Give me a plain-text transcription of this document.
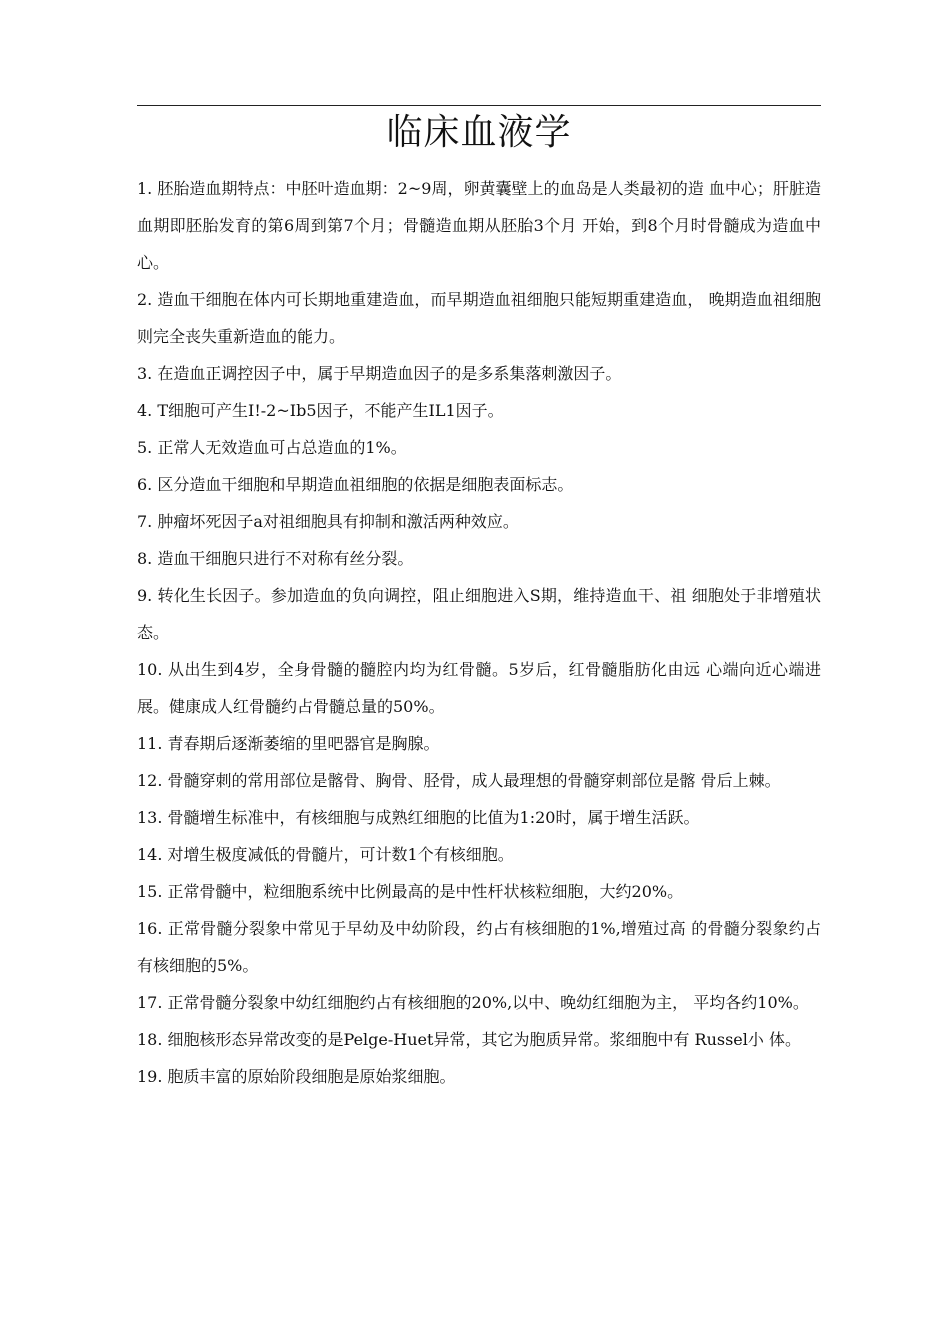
临床血液学

1. 胚胎造血期特点：中胚叶造血期：2~9周，卵黄囊壁上的血岛是人类最初的造 血中心；肝脏造血期即胚胎发育的第6周到第7个月；骨髓造血期从胚胎3个月 开始，到8个月时骨髓成为造血中心。

2. 造血干细胞在体内可长期地重建造血，而早期造血祖细胞只能短期重建造血， 晚期造血祖细胞则完全丧失重新造血的能力。

3. 在造血正调控因子中，属于早期造血因子的是多系集落刺激因子。

4. T细胞可产生I!-2~Ib5因子，不能产生IL1因子。

5. 正常人无效造血可占总造血的1%。

6. 区分造血干细胞和早期造血祖细胞的依据是细胞表面标志。

7. 肿瘤坏死因子a对祖细胞具有抑制和激活两种效应。

8. 造血干细胞只进行不对称有丝分裂。

9. 转化生长因子。参加造血的负向调控，阻止细胞进入S期，维持造血干、祖 细胞处于非增殖状态。

10. 从出生到4岁，全身骨髓的髓腔内均为红骨髓。5岁后，红骨髓脂肪化由远 心端向近心端进展。健康成人红骨髓约占骨髓总量的50%。

11. 青春期后逐渐萎缩的里吧器官是胸腺。

12. 骨髓穿刺的常用部位是髂骨、胸骨、胫骨，成人最理想的骨髓穿刺部位是髂 骨后上棘。

13. 骨髓增生标准中，有核细胞与成熟红细胞的比值为1:20时，属于增生活跃。

14. 对增生极度减低的骨髓片，可计数1个有核细胞。

15. 正常骨髓中，粒细胞系统中比例最高的是中性杆状核粒细胞，大约20%。

16. 正常骨髓分裂象中常见于早幼及中幼阶段，约占有核细胞的1%,增殖过高 的骨髓分裂象约占有核细胞的5%。

17. 正常骨髓分裂象中幼红细胞约占有核细胞的20%,以中、晚幼红细胞为主， 平均各约10%。

18. 细胞核形态异常改变的是Pelge-Huet异常，其它为胞质异常。浆细胞中有 Russel小 体。

19. 胞质丰富的原始阶段细胞是原始浆细胞。
